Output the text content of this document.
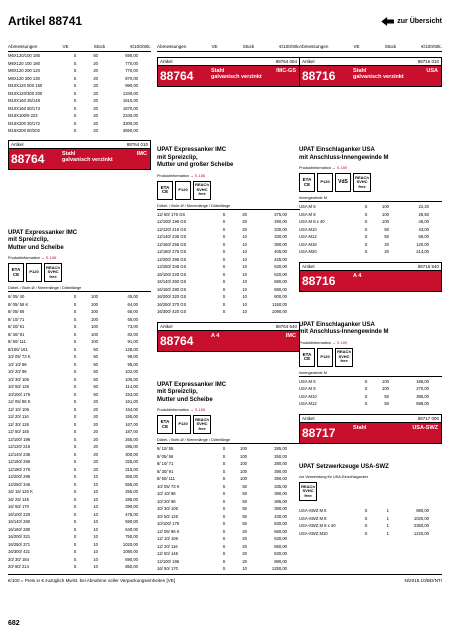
Artikel 88741	zur Übersicht
Abmessungen	VE	Stück	€/100/Stk.
M6X120/100 185	S	50	690,00
M8X120 100 180	S	20	770,00
M8X120 200 120	S	20	770,00
M8X120 300 130	S	20	870,00
M10X120 500 150	S	20	990,00
M10X120/300 200	S	20	1340,00
M10X160 25/148	S	20	1610,00
M10X160 50/173	S	20	1870,00
M16X100/9 223	S	20	2340,00
M16X200 30/172	S	20	3300,00
M16X200 60/202	S	20	3650,00
Artikel	88764 010
88764	Stahl
galvanisch verzinkt
IMC
UPAT Expressanker IMC
mit Spreizclip,
Mutter und Scheibe
Produktinformation → S-188
ETA
CE	P120
REACh SVHC free
Dübel- / Bohr-Ø / Klemmlänge / Dübellänge
6/ 05/ 40	S	100	45,00
8/ 05/ 56 K	S	100	64,00
8/ 05/ 66	S	100	65,00
8/ 10/ 71	S	100	65,00
8/ 20/ 81	S	100	73,00
8/ 30/ 91	S	100	82,00
8/ 50/ 111	S	100	91,00
8/100/ 161	S	50	128,00
10/ 05/ 73 K	S	50	96,00
10/ 10/ 86	S	50	95,00
10/ 20/ 96	S	50	102,00
10/ 30/ 106	S	50	106,00
10/ 50/ 126	S	50	114,00
10/100/ 176	S	50	153,00
12/ 05/ 86 K	S	20	161,00
12/ 10/ 106	S	20	164,00
12/ 20/ 116	S	20	155,00
12/ 30/ 126	S	20	167,00
12/ 50/ 146	S	20	187,00
12/100/ 196	S	20	265,00
12/120/ 216	S	20	285,00
12/140/ 236	S	20	300,00
12/160/ 256	S	20	325,00
12/180/ 276	S	20	315,00
12/200/ 296	S	10	360,00
12/250/ 346	S	10	555,00
16/ 15/ 120 K	S	10	255,00
16/ 25/ 145	S	10	285,00
16/ 50/ 170	S	10	390,00
16/100/ 220	S	10	475,00
16/140/ 260	S	10	590,00
16/160/ 280	S	10	640,00
16/200/ 321	S	10	750,00
16/250/ 371	S	10	1020,00
16/300/ 421	S	10	1080,00
20/ 30/ 184	S	10	690,00
20/ 60/ 214	S	10	850,00
Abmessungen	VE	Stück	€/100/Stk.
Artikel	88764 054
88764	Stahl
galvanisch verzinkt
IMC-GS
UPAT Expressanker IMC
mit Spreizclip,
Mutter und großer Scheibe
Produktinformation → S-188
ETA
CE	P120
REACh SVHC free
Dübel- / Bohr-Ø / Klemmlänge / Dübellänge
12/ 80/ 176 GS	S	20	275,00
12/100/ 196 GS	S	20	290,00
12/120/ 216 GS	S	20	330,00
12/140/ 236 GS	S	10	330,00
12/160/ 256 GS	S	10	390,00
12/180/ 276 GS	S	10	405,00
12/200/ 296 GS	S	10	425,00
12/250/ 346 GS	S	10	530,00
16/100/ 220 GS	S	10	520,00
16/140/ 260 GS	S	10	690,00
16/160/ 280 GS	S	10	690,00
16/200/ 320 GS	S	10	800,00
16/250/ 370 GS	S	10	1150,00
16/300/ 420 GS	S	10	1090,00
Artikel	88764 540
88764	A 4	IMC
UPAT Expressanker IMC
mit Spreizclip,
Mutter und Scheibe
Produktinformation → S-188
ETA
CE	P120
REACh SVHC free
Dübel- / Bohr-Ø / Klemmlänge / Dübellänge
6/ 10/ 55	S	100	285,00
8/ 05/ 56	S	100	250,00
8/ 10/ 71	S	100	280,00
8/ 30/ 91	S	100	390,00
8/ 50/ 111	S	100	390,00
10/ 05/ 73 K	S	50	335,00
10/ 10/ 86	S	50	390,00
10/ 20/ 96	S	50	385,00
10/ 30/ 106	S	50	390,00
10/ 50/ 126	S	50	430,00
10/100/ 176	S	50	630,00
12/ 05/ 86 K	S	20	560,00
12/ 10/ 106	S	20	530,00
12/ 20/ 116	S	20	560,00
12/ 50/ 146	S	20	630,00
12/100/ 196	S	20	980,00
16/ 50/ 170	S	10	1250,00
Abmessungen	VE	Stück	€/100/Stk.
Artikel	88716 010
88716	Stahl
galvanisch verzinkt
USA
UPAT Einschlaganker USA
mit Anschluss-Innengewinde M
Produktinformation → S-189
ETA
CE	P120	VdS
REACh SVHC free
Innengewinde M
USA M 6	S	100	22,20
USA M 8	S	100	28,50
USA M 8 x 40	S	100	46,00
USA M10	S	50	43,00
USA M12	S	50	68,00
USA M16	S	20	120,00
USA M20	S	20	214,00
Artikel	88716 540
88716	A 4
UPAT Einschlaganker USA
mit Anschluss-Innengewinde M
Produktinformation → S-189
ETA
CE	P120
REACh SVHC free
Innengewinde M
USA M 6	S	100	186,00
USA M 8	S	100	270,00
USA M10	S	50	385,00
USA M12	S	50	598,00
Artikel	88717 000
88717	Stahl	USA-SWZ
UPAT Setzwerkzeuge USA-SWZ
zur Verwendung für USA-Einschlaganker
REACh SVHC free
USA-SWZ M 6	S	1	980,00
USA-SWZ M 8	S	1	1020,00
USA-SWZ M 8 x 40	S	1	2350,00
USA-SWZ M10	S	1	1220,00
€/100 = Preis in € zuzüglich MwSt. bei Abnahme voller Verpackungseinheiten [VE]	N/2015.10/BD/NTI
682
